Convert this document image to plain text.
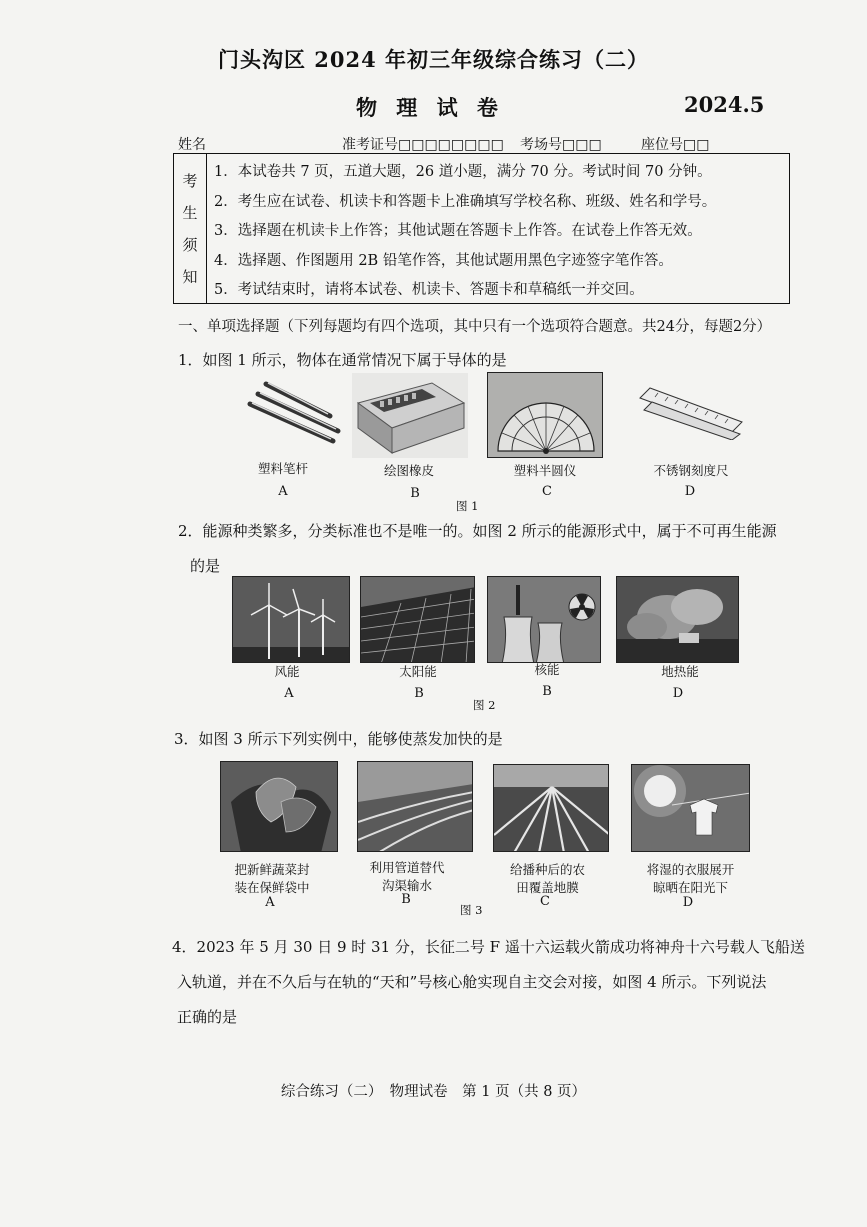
门头沟区 2024 年初三年级综合练习（二）
物 理 试 卷	2024.5
姓名	准考证号□□□□□□□□ 考场号□□□	座位号□□
考
生
须
知
1．本试卷共 7 页，五道大题，26 道小题，满分 70 分。考试时间 70 分钟。
2．考生应在试卷、机读卡和答题卡上准确填写学校名称、班级、姓名和学号。
3．选择题在机读卡上作答；其他试题在答题卡上作答。在试卷上作答无效。
4．选择题、作图题用 2B 铅笔作答，其他试题用黑色字迹签字笔作答。
5．考试结束时，请将本试卷、机读卡、答题卡和草稿纸一并交回。
一、单项选择题（下列每题均有四个选项，其中只有一个选项符合题意。共24分，每题2分）
1．如图 1 所示，物体在通常情况下属于导体的是
塑料笔杆
A
绘图橡皮
B
塑料半圆仪
C
不锈钢刻度尺
D
图 1
2．能源种类繁多，分类标准也不是唯一的。如图 2 所示的能源形式中，属于不可再生能源
的是
风能
A
太阳能
B
核能
B
地热能
D
图 2
3．如图 3 所示下列实例中，能够使蒸发加快的是
把新鲜蔬菜封
装在保鲜袋中
A
利用管道替代
沟渠输水
B
给播种后的农
田覆盖地膜
C
将湿的衣服展开
晾晒在阳光下
D
图 3
4．2023 年 5 月 30 日 9 时 31 分，长征二号 F 遥十六运载火箭成功将神舟十六号载人飞船送
入轨道，并在不久后与在轨的“天和”号核心舱实现自主交会对接，如图 4 所示。下列说法
正确的是
综合练习（二）　物理试卷　第 1 页（共 8 页）
